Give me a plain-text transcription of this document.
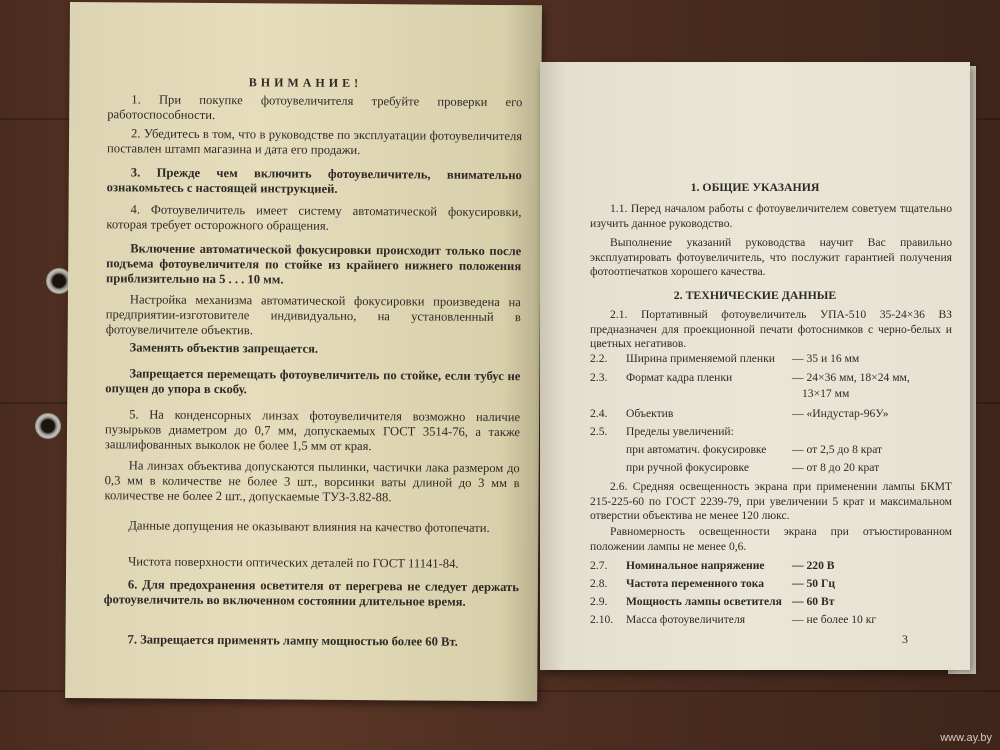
ВНИМАНИЕ!
1. При покупке фотоувеличителя требуйте проверки его работоспособности.
2. Убедитесь в том, что в руководстве по эксплуатации фотоувеличителя поставлен штамп магазина и дата его продажи.
3. Прежде чем включить фотоувеличитель, внимательно ознакомьтесь с настоящей инструкцией.
4. Фотоувеличитель имеет систему автоматической фокусировки, которая требует осторожного обращения.
Включение автоматической фокусировки происходит только после подъема фотоувеличителя по стойке из крайнего нижнего положения приблизительно на 5 . . . 10 мм.
Настройка механизма автоматической фокусировки произведена на предприятии-изготовителе индивидуально, на установленный в фотоувеличителе объектив.
Заменять объектив запрещается.
Запрещается перемещать фотоувеличитель по стойке, если тубус не опущен до упора в скобу.
5. На конденсорных линзах фотоувеличителя возможно наличие пузырьков диаметром до 0,7 мм, допускаемых ГОСТ 3514-76, а также зашлифованных выколок не более 1,5 мм от края.
На линзах объектива допускаются пылинки, частички лака размером до 0,3 мм в количестве не более 3 шт., ворсинки ваты длиной до 3 мм в количестве не более 2 шт., допускаемые ТУЗ-3.82-88.
Данные допущения не оказывают влияния на качество фотопечати.
Чистота поверхности оптических деталей по ГОСТ 11141-84.
6. Для предохранения осветителя от перегрева не следует держать фотоувеличитель во включенном состоянии длительное время.
7. Запрещается применять лампу мощностью более 60 Вт.
1. ОБЩИЕ УКАЗАНИЯ
1.1. Перед началом работы с фотоувеличителем советуем тщательно изучить данное руководство.
Выполнение указаний руководства научит Вас правильно эксплуатировать фотоувеличитель, что послужит гарантией получения фотоотпечатков хорошего качества.
2. ТЕХНИЧЕСКИЕ ДАННЫЕ
2.1. Портативный фотоувеличитель УПА-510 35-24×36 ВЗ предназначен для проекционной печати фотоснимков с черно-белых и цветных негативов.
2.2. Ширина применяемой пленки — 35 и 16 мм
2.3. Формат кадра пленки	— 24×36 мм, 18×24 мм,
13×17 мм
2.4. Объектив	— «Индустар-96У»
2.5. Пределы увеличений:
при автоматич. фокусировке — от 2,5 до 8 крат
при ручной фокусировке	— от 8 до 20 крат
2.6. Средняя освещенность экрана при применении лампы БКМТ 215-225-60 по ГОСТ 2239-79, при увеличении 5 крат и максимальном отверстии объектива не менее 120 люкс.
Равномерность освещенности экрана при отъюстированном положении лампы не менее 0,6.
2.7. Номинальное напряжение — 220 В
2.8. Частота переменного тока — 50 Гц
2.9. Мощность лампы осветителя — 60 Вт
2.10. Масса фотоувеличителя	— не более 10 кг
3
www.ay.by
